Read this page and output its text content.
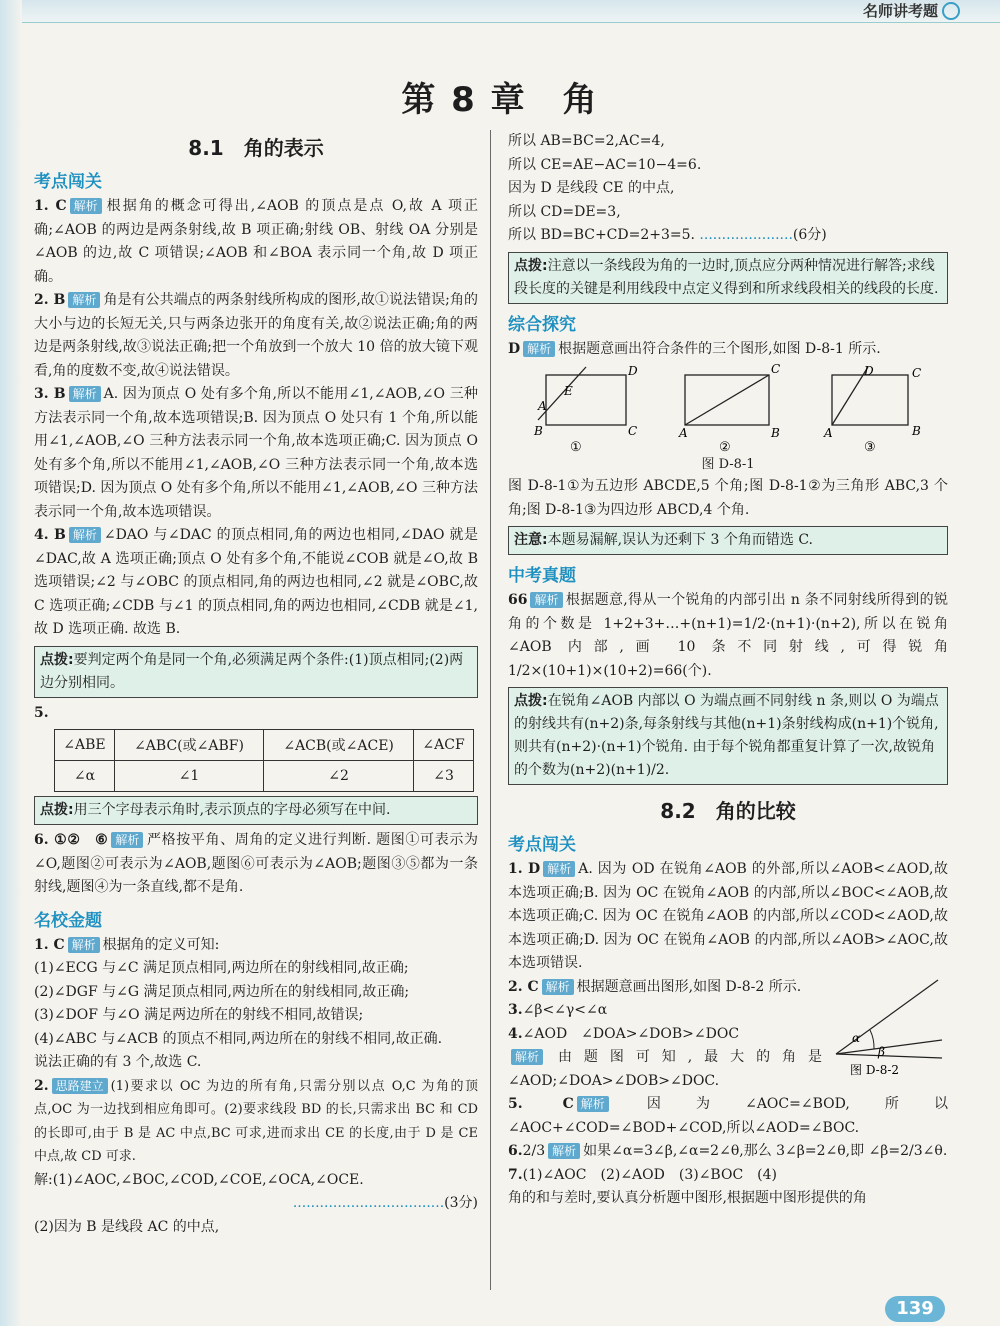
名师讲考题
第 8 章　角
8.1　角的表示
考点闯关

1. C 解析 根据角的概念可得出,∠AOB 的顶点是点 O,故 A 项正确;∠AOB 的两边是两条射线,故 B 项正确;射线 OB、射线 OA 分别是∠AOB 的边,故 C 项错误;∠AOB 和∠BOA 表示同一个角,故 D 项正确。

2. B 解析 角是有公共端点的两条射线所构成的图形,故①说法错误;角的大小与边的长短无关,只与两条边张开的角度有关,故②说法正确;角的两边是两条射线,故③说法正确;把一个角放到一个放大 10 倍的放大镜下观看,角的度数不变,故④说法错误。

3. B 解析 A. 因为顶点 O 处有多个角,所以不能用∠1,∠AOB,∠O 三种方法表示同一个角,故本选项错误;B. 因为顶点 O 处只有 1 个角,所以能用∠1,∠AOB,∠O 三种方法表示同一个角,故本选项正确;C. 因为顶点 O 处有多个角,所以不能用∠1,∠AOB,∠O 三种方法表示同一个角,故本选项错误;D. 因为顶点 O 处有多个角,所以不能用∠1,∠AOB,∠O 三种方法表示同一个角,故本选项错误。

4. B 解析 ∠DAO 与∠DAC 的顶点相同,角的两边也相同,∠DAO 就是∠DAC,故 A 选项正确;顶点 O 处有多个角,不能说∠COB 就是∠O,故 B 选项错误;∠2 与∠OBC 的顶点相同,角的两边也相同,∠2 就是∠OBC,故 C 选项正确;∠CDB 与∠1 的顶点相同,角的两边也相同,∠CDB 就是∠1,故 D 选项正确. 故选 B.

点拨:要判定两个角是同一个角,必须满足两个条件:(1)顶点相同;(2)两边分别相同。

5.

∠ABE	∠ABC(或∠ABF)	∠ACB(或∠ACE)	∠ACF
∠α	∠1	∠2	∠3
点拨:用三个字母表示角时,表示顶点的字母必须写在中间.

6. ①②　⑥ 解析 严格按平角、周角的定义进行判断. 题图①可表示为∠O,题图②可表示为∠AOB,题图⑥可表示为∠AOB;题图③⑤都为一条射线,题图④为一条直线,都不是角.

名校金题

1. C 解析 根据角的定义可知:

(1)∠ECG 与∠C 满足顶点相同,两边所在的射线相同,故正确;

(2)∠DGF 与∠G 满足顶点相同,两边所在的射线相同,故正确;

(3)∠DOF 与∠O 满足两边所在的射线不相同,故错误;

(4)∠ABC 与∠ACB 的顶点不相同,两边所在的射线不相同,故正确.

说法正确的有 3 个,故选 C.

2. 思路建立 (1)要求以 OC 为边的所有角,只需分别以点 O,C 为角的顶点,OC 为一边找到相应角即可。(2)要求线段 BD 的长,只需求出 BC 和 CD 的长即可,由于 B 是 AC 中点,BC 可求,进而求出 CE 的长度,由于 D 是 CE 中点,故 CD 可求.

解:(1)∠AOC,∠BOC,∠COD,∠COE,∠OCA,∠OCE.

..................................(3分)

(2)因为 B 是线段 AC 的中点,

所以 AB=BC=2,AC=4,

所以 CE=AE−AC=10−4=6.

因为 D 是线段 CE 的中点,

所以 CD=DE=3,

所以 BD=BC+CD=2+3=5. .....................(6分)

点拨:注意以一条线段为角的一边时,顶点应分两种情况进行解答;求线段长度的关键是利用线段中点定义得到和所求线段相关的线段的长度.
综合探究

D 解析 根据题意画出符合条件的三个图形,如图 D-8-1 所示.

D
C
B
A
E
①
C
B
A
②
D	C
B
A
③

图 D-8-1

图 D-8-1①为五边形 ABCDE,5 个角;图 D-8-1②为三角形 ABC,3 个角;图 D-8-1③为四边形 ABCD,4 个角.

注意:本题易漏解,误认为还剩下 3 个角而错选 C.
中考真题

66 解析 根据题意,得从一个锐角的内部引出 n 条不同射线所得到的锐角的个数是 1+2+3+…+(n+1)=1/2·(n+1)·(n+2),所以在锐角∠AOB 内部,画 10 条不同射线,可得锐角 1/2×(10+1)×(10+2)=66(个).

点拨:在锐角∠AOB 内部以 O 为端点画不同射线 n 条,则以 O 为端点的射线共有(n+2)条,每条射线与其他(n+1)条射线构成(n+1)个锐角,则共有(n+2)·(n+1)个锐角. 由于每个锐角都重复计算了一次,故锐角的个数为(n+2)(n+1)/2.
8.2　角的比较
考点闯关

1. D 解析 A. 因为 OD 在锐角∠AOB 的外部,所以∠AOB<∠AOD,故本选项正确;B. 因为 OC 在锐角∠AOB 的内部,所以∠BOC<∠AOB,故本选项正确;C. 因为 OC 在锐角∠AOB 的内部,所以∠COD<∠AOD,故本选项正确;D. 因为 OC 在锐角∠AOB 的内部,所以∠AOB>∠AOC,故本选项错误.

α
β
图 D-8-2

2. C 解析 根据题意画出图形,如图 D-8-2 所示.

3.∠β<∠γ<∠α

4.∠AOD　∠DOA>∠DOB>∠DOC

解析 由题图可知,最大的角是∠AOD;∠DOA>∠DOB>∠DOC.

5. C 解析 因为∠AOC=∠BOD,所以∠AOC+∠COD=∠BOD+∠COD,所以∠AOD=∠BOC.

6.2/3 解析 如果∠α=3∠β,∠α=2∠θ,那么 3∠β=2∠θ,即 ∠β=2/3∠θ.

7.(1)∠AOC　(2)∠AOD　(3)∠BOC　(4)

角的和与差时,要认真分析题中图形,根据题中图形提供的角

139
